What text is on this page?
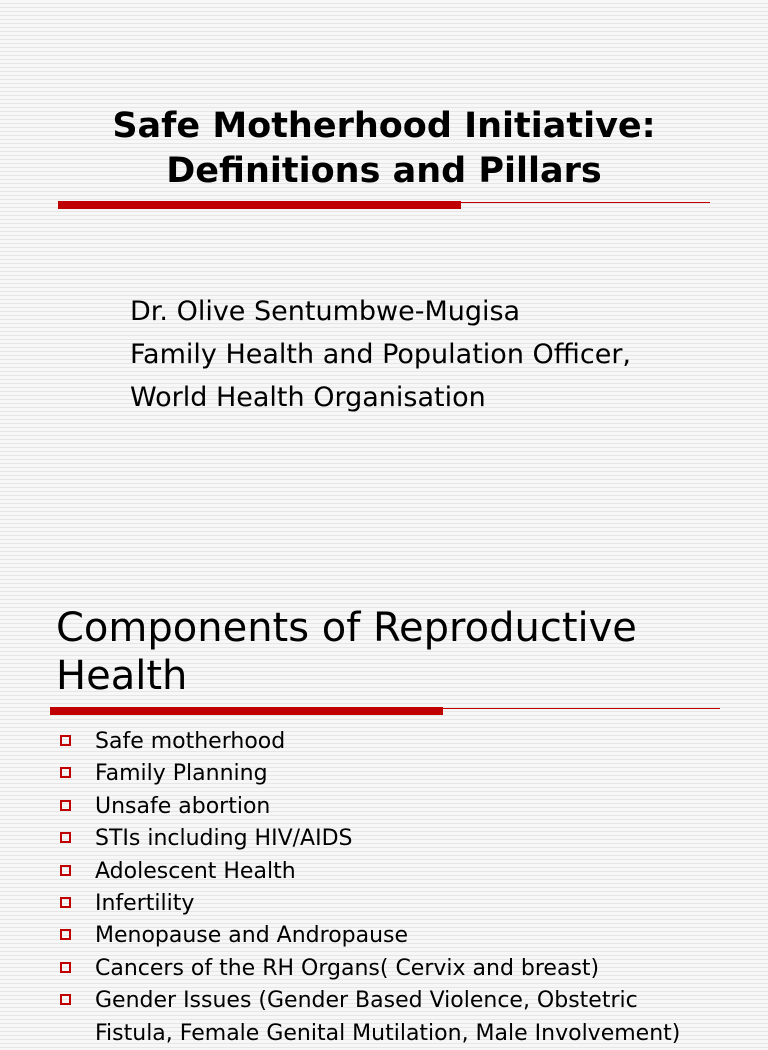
Safe Motherhood Initiative:
Definitions and Pillars
Dr. Olive Sentumbwe-Mugisa
Family Health and Population Officer,
World Health Organisation
Components of Reproductive
Health
Safe motherhood
Family Planning
Unsafe abortion
STIs including HIV/AIDS
Adolescent Health
Infertility
Menopause and Andropause
Cancers of the RH Organs( Cervix and breast)
Gender Issues (Gender Based Violence, Obstetric
Fistula, Female Genital Mutilation, Male Involvement)
